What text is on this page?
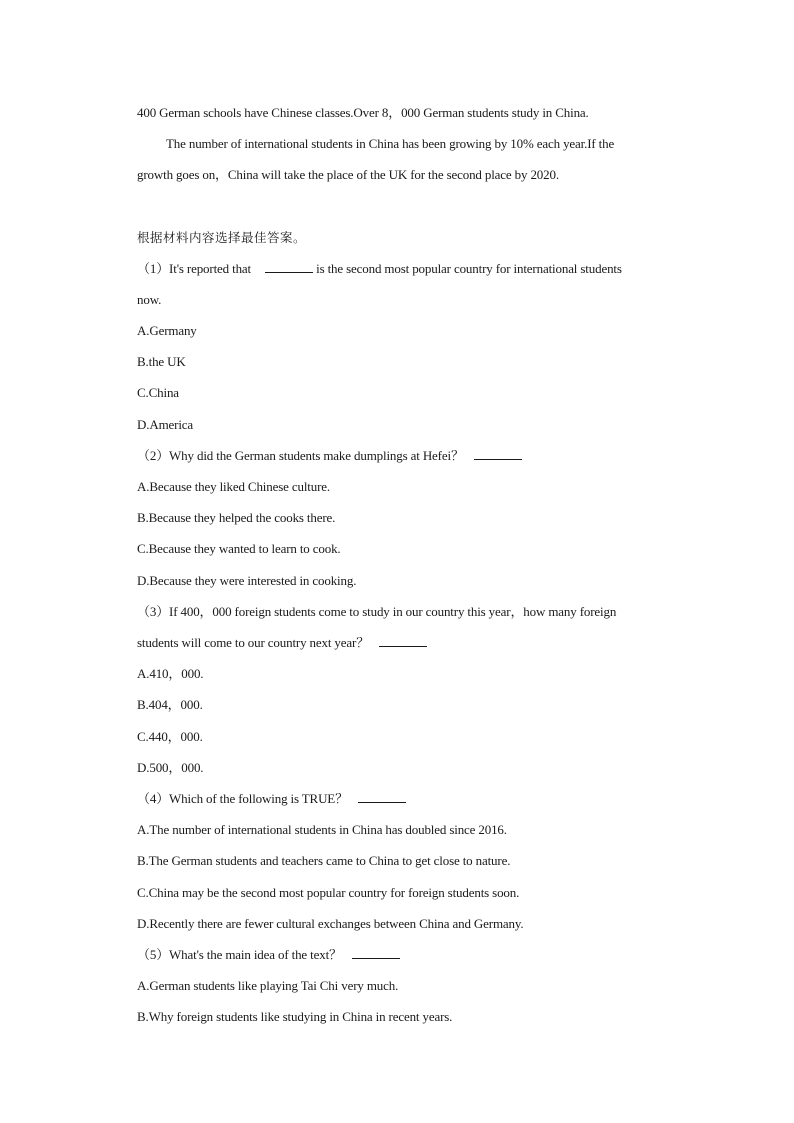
400 German schools have Chinese classes.Over 8，000 German students study in China.
The number of international students in China has been growing by 10% each year.If the
growth goes on，China will take the place of the UK for the second place by 2020.
根据材料内容选择最佳答案。
（1）It's reported that	is the second most popular country for international students
now.
A.Germany
B.the UK
C.China
D.America
（2）Why did the German students make dumplings at Hefei？
A.Because they liked Chinese culture.
B.Because they helped the cooks there.
C.Because they wanted to learn to cook.
D.Because they were interested in cooking.
（3）If 400，000 foreign students come to study in our country this year，how many foreign
students will come to our country next year？
A.410，000.
B.404，000.
C.440，000.
D.500，000.
（4）Which of the following is TRUE？
A.The number of international students in China has doubled since 2016.
B.The German students and teachers came to China to get close to nature.
C.China may be the second most popular country for foreign students soon.
D.Recently there are fewer cultural exchanges between China and Germany.
（5）What's the main idea of the text？
A.German students like playing Tai Chi very much.
B.Why foreign students like studying in China in recent years.
